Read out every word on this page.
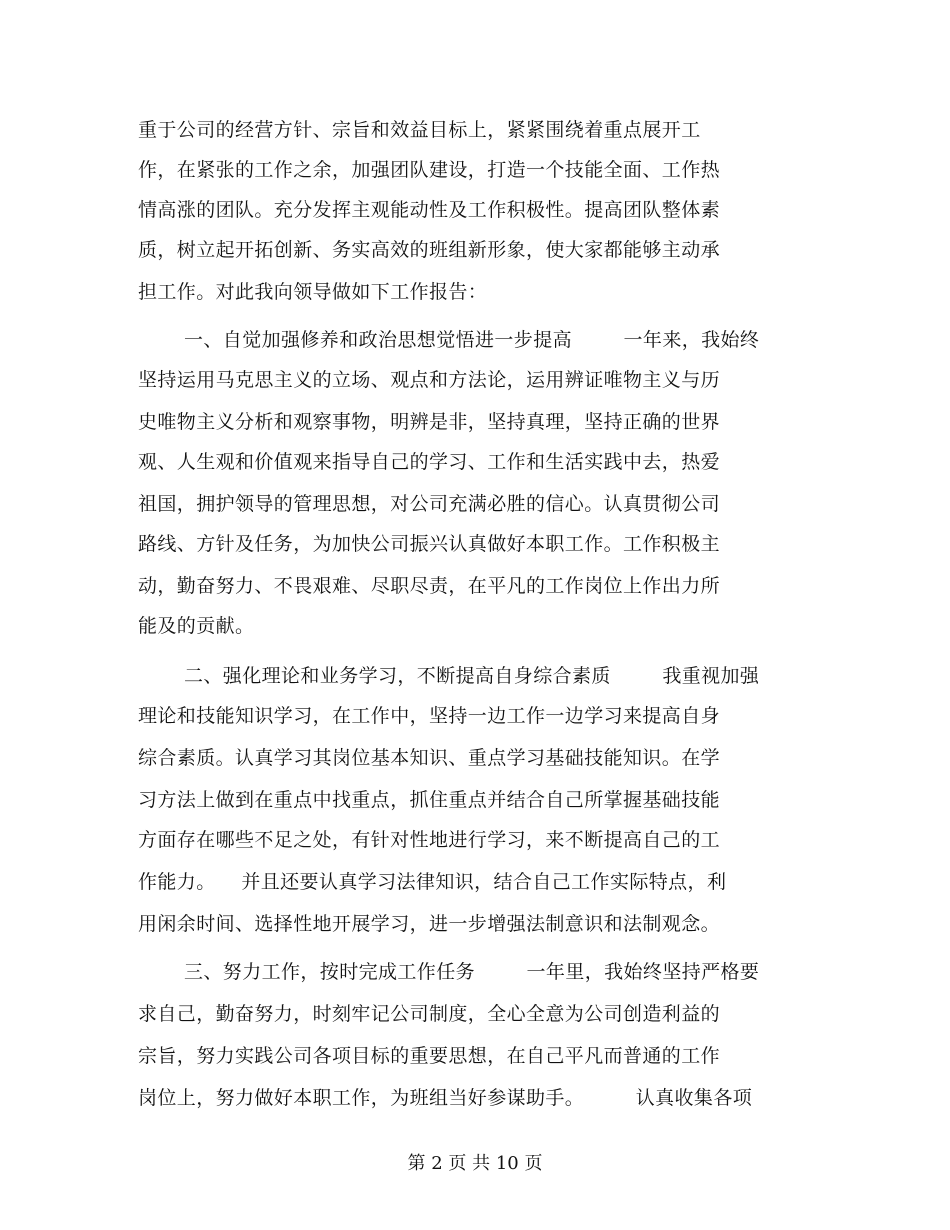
重于公司的经营方针、宗旨和效益目标上，紧紧围绕着重点展开工
作，在紧张的工作之余，加强团队建设，打造一个技能全面、工作热
情高涨的团队。充分发挥主观能动性及工作积极性。提高团队整体素
质，树立起开拓创新、务实高效的班组新形象，使大家都能够主动承
担工作。对此我向领导做如下工作报告：
一、自觉加强修养和政治思想觉悟进一步提高        一年来，我始终
坚持运用马克思主义的立场、观点和方法论，运用辨证唯物主义与历
史唯物主义分析和观察事物，明辨是非，坚持真理，坚持正确的世界
观、人生观和价值观来指导自己的学习、工作和生活实践中去，热爱
祖国，拥护领导的管理思想，对公司充满必胜的信心。认真贯彻公司
路线、方针及任务，为加快公司振兴认真做好本职工作。工作积极主
动，勤奋努力、不畏艰难、尽职尽责，在平凡的工作岗位上作出力所
能及的贡献。
二、强化理论和业务学习，不断提高自身综合素质        我重视加强
理论和技能知识学习，在工作中，坚持一边工作一边学习来提高自身
综合素质。认真学习其岗位基本知识、重点学习基础技能知识。在学
习方法上做到在重点中找重点，抓住重点并结合自己所掌握基础技能
方面存在哪些不足之处，有针对性地进行学习，来不断提高自己的工
作能力。    并且还要认真学习法律知识，结合自己工作实际特点，利
用闲余时间、选择性地开展学习，进一步增强法制意识和法制观念。
三、努力工作，按时完成工作任务        一年里，我始终坚持严格要
求自己，勤奋努力，时刻牢记公司制度，全心全意为公司创造利益的
宗旨，努力实践公司各项目标的重要思想，在自己平凡而普通的工作
岗位上，努力做好本职工作，为班组当好参谋助手。        认真收集各项
第 2 页 共 10 页
